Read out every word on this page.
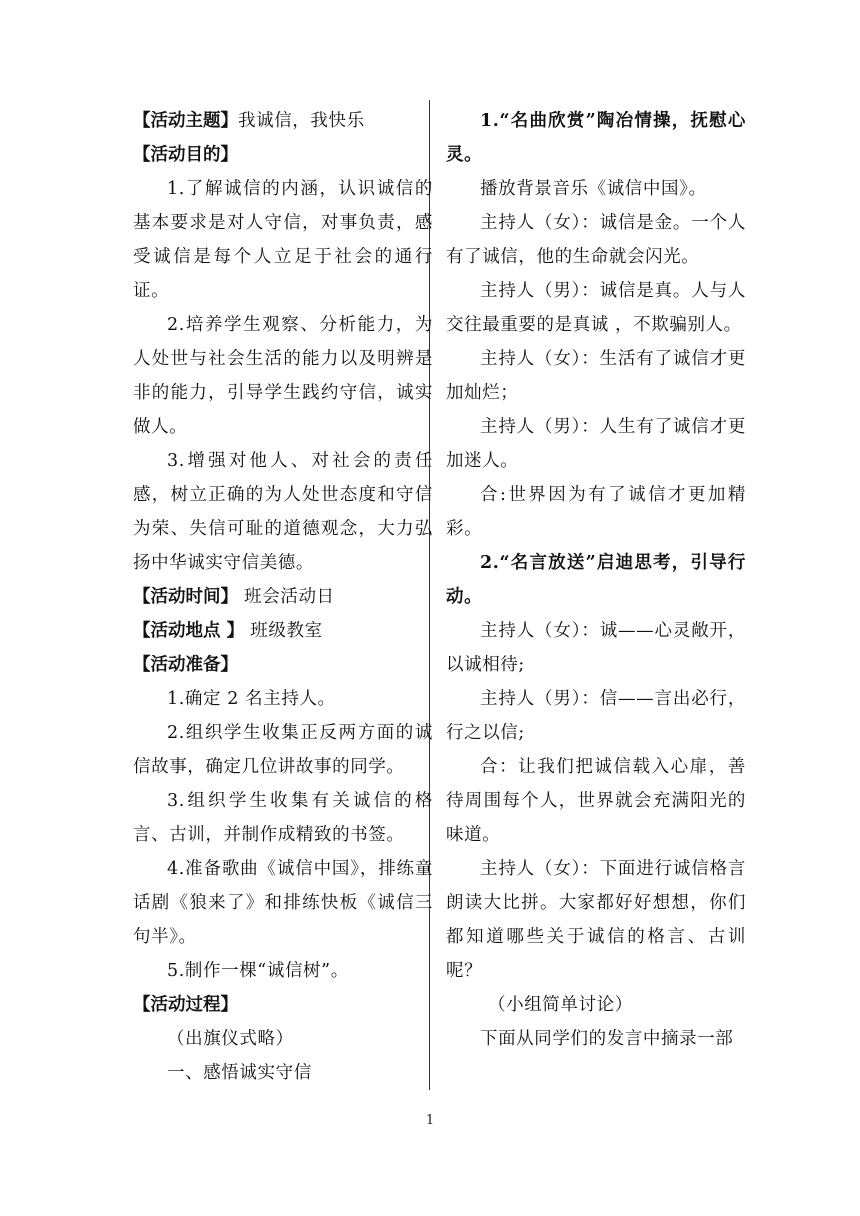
【活动主题】我诚信，我快乐

【活动目的】

1.了解诚信的内涵，认识诚信的基本要求是对人守信，对事负责，感受诚信是每个人立足于社会的通行证。

2.培养学生观察、分析能力，为人处世与社会生活的能力以及明辨是非的能力，引导学生践约守信，诚实做人。

3.增强对他人、对社会的责任感，树立正确的为人处世态度和守信为荣、失信可耻的道德观念，大力弘扬中华诚实守信美德。

【活动时间】 班会活动日

【活动地点 】 班级教室

【活动准备】

1.确定 2 名主持人。

2.组织学生收集正反两方面的诚信故事，确定几位讲故事的同学。

3.组织学生收集有关诚信的格言、古训，并制作成精致的书签。

4.准备歌曲《诚信中国》，排练童话剧《狼来了》和排练快板《诚信三句半》。

5.制作一棵“诚信树”。

【活动过程】

（出旗仪式略）

一、感悟诚实守信

1.“名曲欣赏”陶冶情操，抚慰心灵。

播放背景音乐《诚信中国》。

主持人（女）：诚信是金。一个人有了诚信，他的生命就会闪光。

主持人（男）：诚信是真。人与人交往最重要的是真诚 ，不欺骗别人。

主持人（女）：生活有了诚信才更加灿烂；

主持人（男）：人生有了诚信才更加迷人。

合:世界因为有了诚信才更加精彩。

2.“名言放送”启迪思考，引导行动。

主持人（女）：诚——心灵敞开，以诚相待;

主持人（男）：信——言出必行，行之以信;

合：让我们把诚信载入心扉，善待周围每个人，世界就会充满阳光的味道。

主持人（女）：下面进行诚信格言朗读大比拼。大家都好好想想，你们都知道哪些关于诚信的格言、古训呢？

（小组简单讨论）

下面从同学们的发言中摘录一部

1
